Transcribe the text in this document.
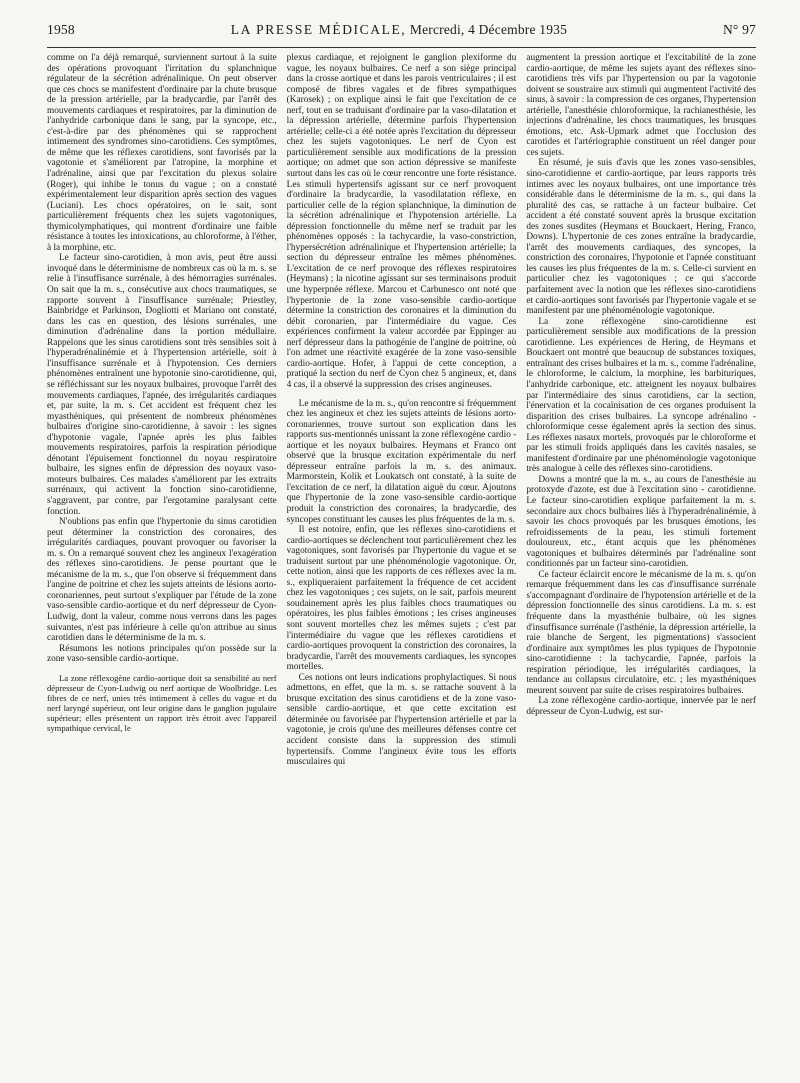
1958	LA PRESSE MÉDICALE, Mercredi, 4 Décembre 1935	N° 97

comme on l'a déjà remarqué, surviennent surtout à la suite des opérations provoquant l'irritation du splanchnique régulateur de la sécrétion adrénalinique. On peut observer que ces chocs se manifestent d'ordinaire par la chute brusque de la pression artérielle, par la bradycardie, par l'arrêt des mouvements cardiaques et respiratoires, par la diminution de l'anhydride carbonique dans le sang, par la syncope, etc., c'est-à-dire par des phénomènes qui se rapprochent intimement des syndromes sino-carotidiens. Ces symptômes, de même que les réflexes carotidiens, sont favorisés par la vagotonie et s'améliorent par l'atropine, la morphine et l'adrénaline, ainsi que par l'excitation du plexus solaire (Roger), qui inhibe le tonus du vague ; on a constaté expérimentalement leur disparition après section des vagues (Luciani). Les chocs opératoires, on le sait, sont particulièrement fréquents chez les sujets vagotoniques, thymicolymphatiques, qui montrent d'ordinaire une faible résistance à toutes les intoxications, au chloroforme, à l'éther, à la morphine, etc.

Le facteur sino-carotidien, à mon avis, peut être aussi invoqué dans le déterminisme de nombreux cas où la m. s. se relie à l'insuffisance surrénale, à des hémorragies surrénales. On sait que la m. s., consécutive aux chocs traumatiques, se rapporte souvent à l'insuffisance surrénale; Priestley, Bainbridge et Parkinson, Dogliotti et Mariano ont constaté, dans les cas en question, des lésions surrénales, une diminution d'adrénaline dans la portion médullaire. Rappelons que les sinus carotidiens sont très sensibles soit à l'hyperadrénalinémie et à l'hypertension artérielle, soit à l'insuffisance surrénale et à l'hypotension. Ces derniers phénomènes entraînent une hypotonie sino-carotidienne, qui, se réfléchissant sur les noyaux bulbaires, provoque l'arrêt des mouvements cardiaques, l'apnée, des irrégularités cardiaques et, par suite, la m. s. Cet accident est fréquent chez les myasthéniques, qui présentent de nombreux phénomènes bulbaires d'origine sino-carotidienne, à savoir : les signes d'hypotonie vagale, l'apnée après les plus faibles mouvements respiratoires, parfois la respiration périodique dénotant l'épuisement fonctionnel du noyau respiratoire bulbaire, les signes enfin de dépression des noyaux vaso-moteurs bulbaires. Ces malades s'améliorent par les extraits surrénaux, qui activent la fonction sino-carotidienne, s'aggravent, par contre, par l'ergotamine paralysant cette fonction.

N'oublions pas enfin que l'hypertonie du sinus carotidien peut déterminer la constriction des coronaires, des irrégularités cardiaques, pouvant provoquer ou favoriser la m. s. On a remarqué souvent chez les angineux l'exagération des réflexes sino-carotidiens. Je pense pourtant que le mécanisme de la m. s., que l'on observe si fréquemment dans l'angine de poitrine et chez les sujets atteints de lésions aorto-coronariennes, peut surtout s'expliquer par l'étude de la zone vaso-sensible cardio-aortique et du nerf dépresseur de Cyon-Ludwig, dont la valeur, comme nous verrons dans les pages suivantes, n'est pas inférieure à celle qu'on attribue au sinus carotidien dans le déterminisme de la m. s.

Résumons les notions principales qu'on possède sur la zone vaso-sensible cardio-aortique.

La zone réflexogène cardio-aortique doit sa sensibilité au nerf dépresseur de Cyon-Ludwig ou nerf aortique de Woolbridge. Les fibres de ce nerf, unies très intimement à celles du vague et du nerf laryngé supérieur, ont leur origine dans le ganglion jugulaire supérieur; elles présentent un rapport très étroit avec l'appareil sympathique cervical, le

plexus cardiaque, et rejoignent le ganglion plexiforme du vague, les noyaux bulbaires. Ce nerf a son siège principal dans la crosse aortique et dans les parois ventriculaires ; il est composé de fibres vagales et de fibres sympathiques (Karosek) ; on explique ainsi le fait que l'excitation de ce nerf, tout en se traduisant d'ordinaire par la vaso-dilatation et la dépression artérielle, détermine parfois l'hypertension artérielle; celle-ci a été notée après l'excitation du dépresseur chez les sujets vagotoniques. Le nerf de Cyon est particulièrement sensible aux modifications de la pression aortique; on admet que son action dépressive se manifeste surtout dans les cas où le cœur rencontre une forte résistance. Les stimuli hypertensifs agissant sur ce nerf provoquent d'ordinaire la bradycardie, la vasodilatation réflexe, en particulier celle de la région splanchnique, la diminution de la sécrétion adrénalinique et l'hypotension artérielle. La dépression fonctionnelle du même nerf se traduit par les phénomènes opposés : la tachycardie, la vaso-constriction, l'hypersécrétion adrénalinique et l'hypertension artérielle; la section du dépresseur entraîne les mêmes phénomènes. L'excitation de ce nerf provoque des réflexes respiratoires (Heymans) ; la nicotine agissant sur ses terminaisons produit une hyperpnée réflexe. Marcou et Carbunesco ont noté que l'hypertonie de la zone vaso-sensible cardio-aortique détermine la constriction des coronaires et la diminution du débit coronarien, par l'intermédiaire du vague. Ces expériences confirment la valeur accordée par Eppinger au nerf dépresseur dans la pathogénie de l'angine de poitrine, où l'on admet une réactivité exagérée de la zone vaso-sensible cardio-aortique. Hofer, à l'appui de cette conception, a pratiqué la section du nerf de Cyon chez 5 angineux, et, dans 4 cas, il a observé la suppression des crises angineuses.

Le mécanisme de la m. s., qu'on rencontre si fréquemment chez les angineux et chez les sujets atteints de lésions aorto-coronariennes, trouve surtout son explication dans les rapports sus-mentionnés unissant la zone réflexogène cardio - aortique et les noyaux bulbaires. Heymans et Franco ont observé que la brusque excitation expérimentale du nerf dépresseur entraîne parfois la m. s. des animaux. Marmorstein, Kolik et Loukatsch ont constaté, à la suite de l'excitation de ce nerf, la dilatation aiguë du cœur. Ajoutons que l'hypertonie de la zone vaso-sensible cardio-aortique produit la constriction des coronaires, la bradycardie, des syncopes constituant les causes les plus fréquentes de la m. s.

Il est notoire, enfin, que les réflexes sino-carotidiens et cardio-aortiques se déclenchent tout particulièrement chez les vagotoniques, sont favorisés par l'hypertonie du vague et se traduisent surtout par une phénoménologie vagotonique. Or, cette notion, ainsi que les rapports de ces réflexes avec la m. s., expliqueraient parfaitement la fréquence de cet accident chez les vagotoniques ; ces sujets, on le sait, parfois meurent soudainement après les plus faibles chocs traumatiques ou opératoires, les plus faibles émotions ; les crises angineuses sont souvent mortelles chez les mêmes sujets ; c'est par l'intermédiaire du vague que les réflexes carotidiens et cardio-aortiques provoquent la constriction des coronaires, la bradycardie, l'arrêt des mouvements cardiaques, les syncopes mortelles.

Ces notions ont leurs indications prophylactiques. Si nous admettons, en effet, que la m. s. se rattache souvent à la brusque excitation des sinus carotidiens et de la zone vaso-sensible cardio-aortique, et que cette excitation est déterminée ou favorisée par l'hypertension artérielle et par la vagotonie, je crois qu'une des meilleures défenses contre cet accident consiste dans la suppression des stimuli hypertensifs. Comme l'angineux évite tous les efforts musculaires qui

augmentent la pression aortique et l'excitabilité de la zone cardio-aortique, de même les sujets ayant des réflexes sino-carotidiens très vifs par l'hypertension ou par la vagotonie doivent se soustraire aux stimuli qui augmentent l'activité des sinus, à savoir : la compression de ces organes, l'hypertension artérielle, l'anesthésie chloroformique, la rachianesthésie, les injections d'adrénaline, les chocs traumatiques, les brusques émotions, etc. Ask-Upmark admet que l'occlusion des carotides et l'artériographie constituent un réel danger pour ces sujets.

En résumé, je suis d'avis que les zones vaso-sensibles, sino-carotidienne et cardio-aortique, par leurs rapports très intimes avec les noyaux bulbaires, ont une importance très considérable dans le déterminisme de la m. s., qui dans la pluralité des cas, se rattache à un facteur bulbaire. Cet accident a été constaté souvent après la brusque excitation des zones susdites (Heymans et Bouckaert, Hering, Franco, Downs). L'hypertonie de ces zones entraîne la bradycardie, l'arrêt des mouvements cardiaques, des syncopes, la constriction des coronaires, l'hypotonie et l'apnée constituant les causes les plus fréquentes de la m. s. Celle-ci survient en particulier chez les vagotoniques ; ce qui s'accorde parfaitement avec la notion que les réflexes sino-carotidiens et cardio-aortiques sont favorisés par l'hypertonie vagale et se manifestent par une phénoménologie vagotonique.

La zone réflexogène sino-carotidienne est particulièrement sensible aux modifications de la pression carotidienne. Les expériences de Hering, de Heymans et Bouckaert ont montré que beaucoup de substances toxiques, entraînant des crises bulbaires et la m. s., comme l'adrénaline, le chloroforme, le calcium, la morphine, les barbituriques, l'anhydride carbonique, etc. atteignent les noyaux bulbaires par l'intermédiaire des sinus carotidiens, car la section, l'énervation et la cocaïnisation de ces organes produisent la disparition des crises bulbaires. La syncope adrénalino - chloroformique cesse également après la section des sinus. Les réflexes nasaux mortels, provoqués par le chloroforme et par les stimuli froids appliqués dans les cavités nasales, se manifestent d'ordinaire par une phénoménologie vagotonique très analogue à celle des réflexes sino-carotidiens.

Downs a montré que la m. s., au cours de l'anesthésie au protoxyde d'azote, est due à l'excitation sino - carotidienne. Le facteur sino-carotidien explique parfaitement la m. s. secondaire aux chocs bulbaires liés à l'hyperadrénalinémie, à savoir les chocs provoqués par les brusques émotions, les refroidissements de la peau, les stimuli fortement douloureux, etc., étant acquis que les phénomènes vagotoniques et bulbaires déterminés par l'adrénaline sont conditionnés par un facteur sino-carotidien.

Ce facteur éclaircit encore le mécanisme de la m. s. qu'on remarque fréquemment dans les cas d'insuffisance surrénale s'accompagnant d'ordinaire de l'hypotension artérielle et de la dépression fonctionnelle des sinus carotidiens. La m. s. est fréquente dans la myasthénie bulbaire, où les signes d'insuffisance surrénale (l'asthénie, la dépression artérielle, la raie blanche de Sergent, les pigmentations) s'associent d'ordinaire aux symptômes les plus typiques de l'hypotonie sino-carotidienne : la tachycardie, l'apnée, parfois la respiration périodique, les irrégularités cardiaques, la tendance au collapsus circulatoire, etc. ; les myasthéniques meurent souvent par suite de crises respiratoires bulbaires.

La zone réflexogène cardio-aortique, innervée par le nerf dépresseur de Cyon-Ludwig, est sur-
